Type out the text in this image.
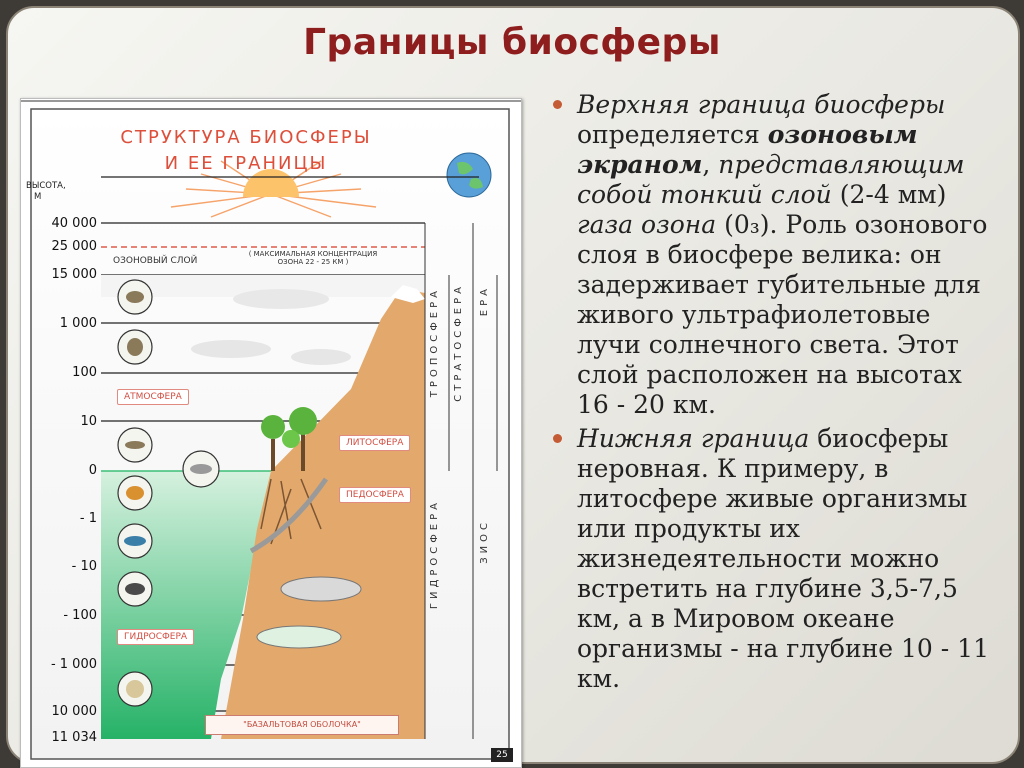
Границы биосферы
СТРУКТУРА БИОСФЕРЫ
И ЕЕ ГРАНИЦЫ
ВЫСОТА,
М
40 000
25 000
15 000
1 000
100
10
0
- 1
- 10
- 100
- 1 000
10 000
11 034
ОЗОНОВЫЙ СЛОЙ
( МАКСИМАЛЬНАЯ КОНЦЕНТРАЦИЯ
ОЗОНА 22 - 25 КМ )
АТМОСФЕРА
ЛИТОСФЕРА
ПЕДОСФЕРА
ГИДРОСФЕРА
ТРОПОСФЕРА СТРАТОСФЕРА
ГИДРОСФЕРА
ЕРА
ЗИОС
"БАЗАЛЬТОВАЯ ОБОЛОЧКА"
25
Верхняя граница биосферы определяется озоновым экраном, представляющим собой тонкий слой (2-4 мм) газа озона (0₃). Роль озонового слоя в биосфере велика: он задерживает губительные для живого ультрафиолетовые лучи солнечного света. Этот слой расположен на высотах 16 - 20 км.
Нижняя граница биосферы неровная. К примеру, в литосфере живые организмы или продукты их жизнедеятельности можно встретить на глубине 3,5-7,5 км, а в Мировом океане организмы - на глубине 10 - 11 км.
